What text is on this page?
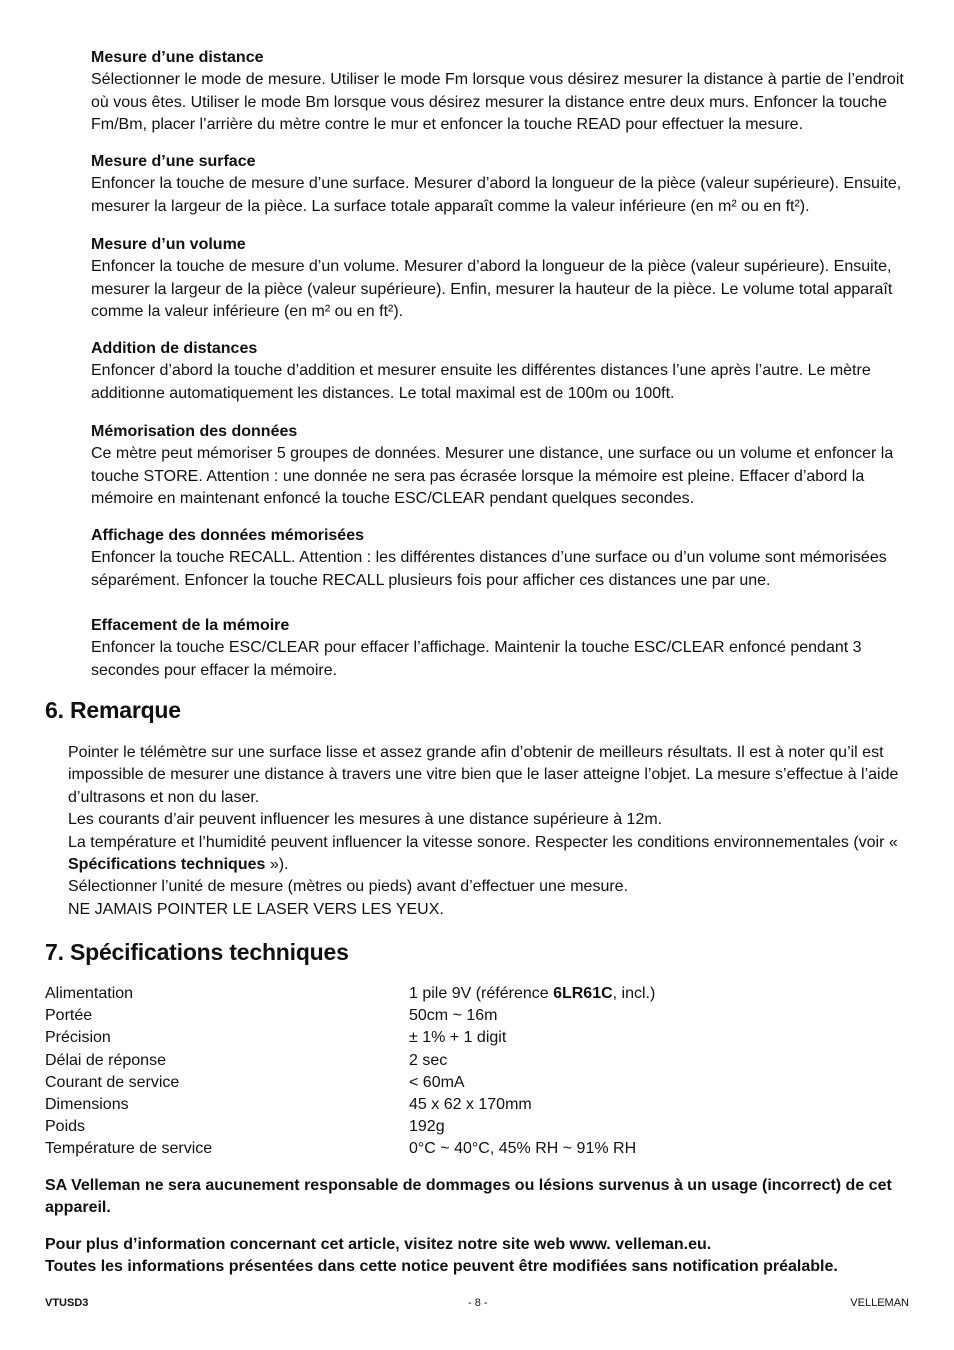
Mesure d’une distance

Sélectionner le mode de mesure. Utiliser le mode Fm lorsque vous désirez mesurer la distance à partie de l’endroit où vous êtes. Utiliser le mode Bm lorsque vous désirez mesurer la distance entre deux murs. Enfoncer la touche Fm/Bm, placer l’arrière du mètre contre le mur et enfoncer la touche READ pour effectuer la mesure.

Mesure d’une surface

Enfoncer la touche de mesure d’une surface. Mesurer d’abord la longueur de la pièce (valeur supérieure). Ensuite, mesurer la largeur de la pièce. La surface totale apparaît comme la valeur inférieure (en m² ou en ft²).

Mesure d’un volume

Enfoncer la touche de mesure d’un volume. Mesurer d’abord la longueur de la pièce (valeur supérieure). Ensuite, mesurer la largeur de la pièce (valeur supérieure). Enfin, mesurer la hauteur de la pièce. Le volume total apparaît comme la valeur inférieure (en m² ou en ft²).

Addition de distances

Enfoncer d’abord la touche d’addition et mesurer ensuite les différentes distances l’une après l’autre. Le mètre additionne automatiquement les distances. Le total maximal est de 100m ou 100ft.

Mémorisation des données

Ce mètre peut mémoriser 5 groupes de données. Mesurer une distance, une surface ou un volume et enfoncer la touche STORE. Attention : une donnée ne sera pas écrasée lorsque la mémoire est pleine. Effacer d’abord la mémoire en maintenant enfoncé la touche ESC/CLEAR pendant quelques secondes.

Affichage des données mémorisées

Enfoncer la touche RECALL. Attention : les différentes distances d’une surface ou d’un volume sont mémorisées séparément. Enfoncer la touche RECALL plusieurs fois pour afficher ces distances une par une.

Effacement de la mémoire

Enfoncer la touche ESC/CLEAR pour effacer l’affichage. Maintenir la touche ESC/CLEAR enfoncé pendant 3 secondes pour effacer la mémoire.

6. Remarque

Pointer le télémètre sur une surface lisse et assez grande afin d’obtenir de meilleurs résultats. Il est à noter qu’il est impossible de mesurer une distance à travers une vitre bien que le laser atteigne l’objet. La mesure s’effectue à l’aide d’ultrasons et non du laser.

Les courants d’air peuvent influencer les mesures à une distance supérieure à 12m.

La température et l’humidité peuvent influencer la vitesse sonore. Respecter les conditions environnementales (voir « Spécifications techniques »).

Sélectionner l’unité de mesure (mètres ou pieds) avant d’effectuer une mesure.

NE JAMAIS POINTER LE LASER VERS LES YEUX.

7. Spécifications techniques
Alimentation	1 pile 9V (référence 6LR61C, incl.)
Portée	50cm ~ 16m
Précision	± 1% + 1 digit
Délai de réponse	2 sec
Courant de service	< 60mA
Dimensions	45 x 62 x 170mm
Poids	192g
Température de service	0°C ~ 40°C, 45% RH ~ 91% RH

SA Velleman ne sera aucunement responsable de dommages ou lésions survenus à un usage (incorrect) de cet appareil.

Pour plus d’information concernant cet article, visitez notre site web www. velleman.eu.
Toutes les informations présentées dans cette notice peuvent être modifiées sans notification préalable.
VTUSD3	- 8 -	VELLEMAN
